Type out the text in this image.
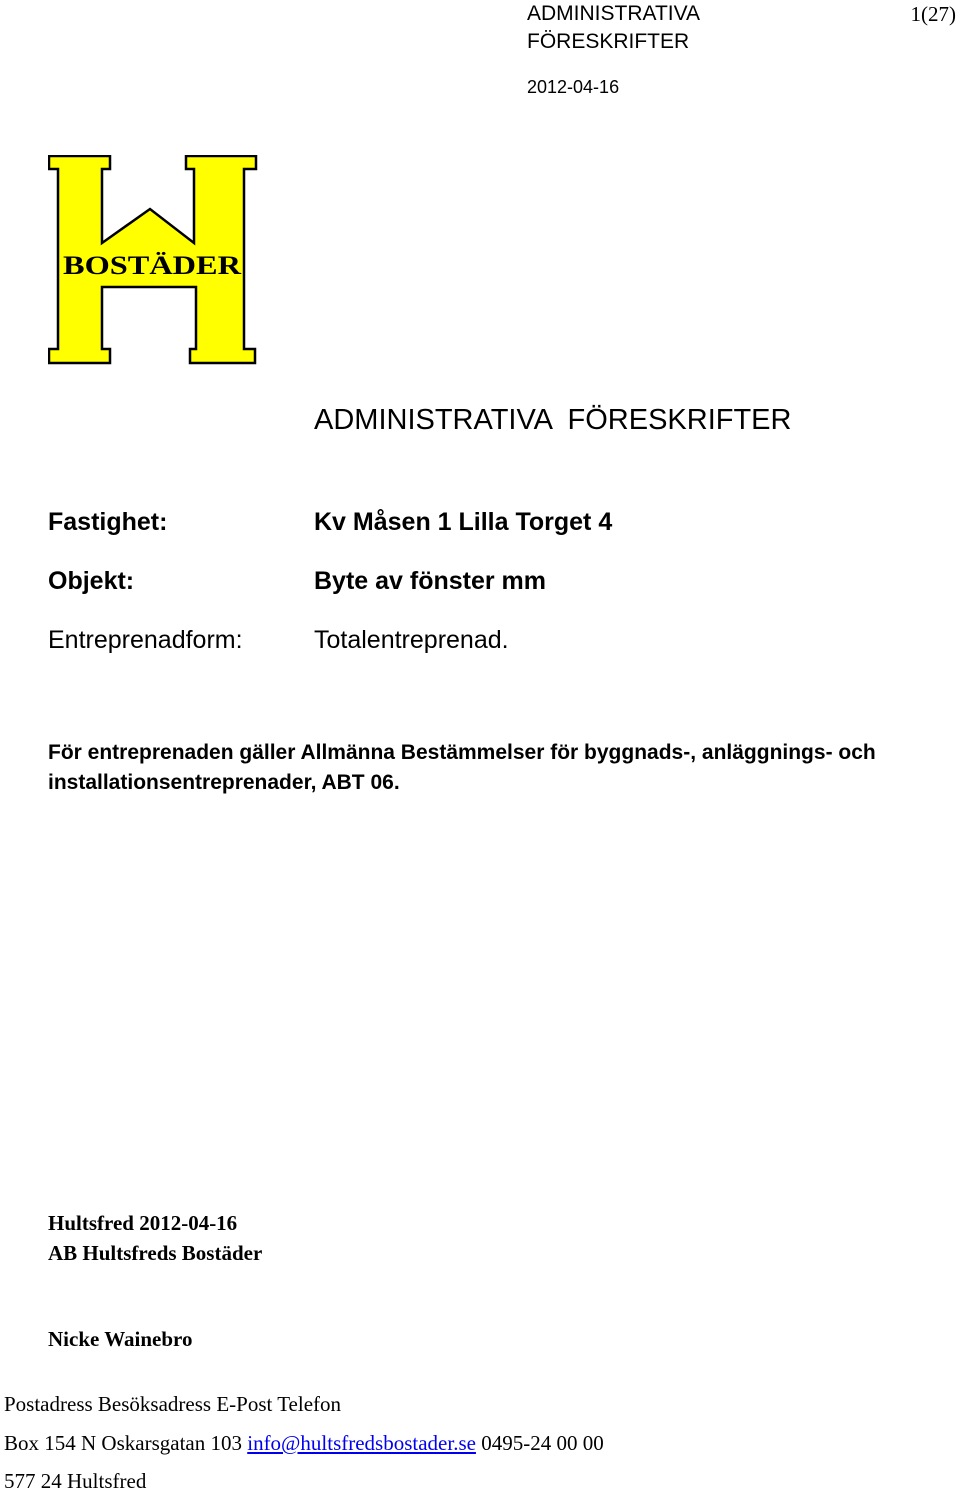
ADMINISTRATIVA
FÖRESKRIFTER
1(27)
2012-04-16
BOSTÄDER
ADMINISTRATIVA  FÖRESKRIFTER
Fastighet:	Kv Måsen 1 Lilla Torget 4
Objekt:	Byte av fönster mm
Entreprenadform:	Totalentreprenad.
För entreprenaden gäller Allmänna Bestämmelser för byggnads-, anläggnings- och installationsentreprenader, ABT 06.
Hultsfred 2012-04-16
AB Hultsfreds Bostäder
Nicke Wainebro
Postadress Besöksadress E-Post Telefon
Box 154 N Oskarsgatan 103 info@hultsfredsbostader.se 0495-24 00 00
577 24 Hultsfred
